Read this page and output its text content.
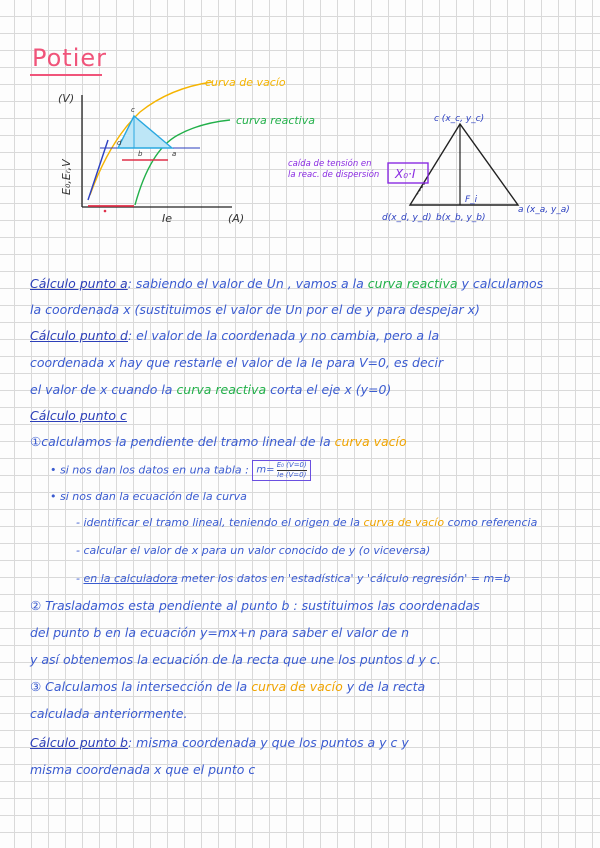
Potier
(V)
E₀,Eᵣ,V
Ie	(A)
curva de vacío
curva reactiva
c
d
b	a
X₀·I
caída de tensión en
la reac. de dispersión
c (x_c, y_c)
d(x_d, y_d) b(x_b, y_b)
a (x_a, y_a)
F_i
Cálculo punto a: sabiendo el valor de Un , vamos a la curva reactiva y calculamos
la coordenada x (sustituimos el valor de Un por el de y para despejar x)
Cálculo punto d: el valor de la coordenada y no cambia, pero a la
coordenada x hay que restarle el valor de la Ie para V=0, es decir
el valor de x cuando la curva reactiva corta el eje x (y=0)
Cálculo punto c
①calculamos la pendiente del tramo lineal de la curva vacío
• si nos dan los datos en una tabla : $m= \frac{\text{E₀ (V=0)}}{Ie (V=0)}$
• si nos dan la ecuación de la curva
- identificar el tramo lineal, teniendo el origen de la curva de vacío como referencia
- calcular el valor de x para un valor conocido de y (o viceversa)
- en la calculadora meter los datos en 'estadística' y 'cálculo regresión' = m=b
② Trasladamos esta pendiente al punto b : sustituimos las coordenadas
del punto b en la ecuación y=mx+n para saber el valor de n
y así obtenemos la ecuación de la recta que une los puntos d y c.
③ Calculamos la intersección de la curva de vacío y de la recta
calculada anteriormente.
Cálculo punto b: misma coordenada y que los puntos a y c y
misma coordenada x que el punto c
